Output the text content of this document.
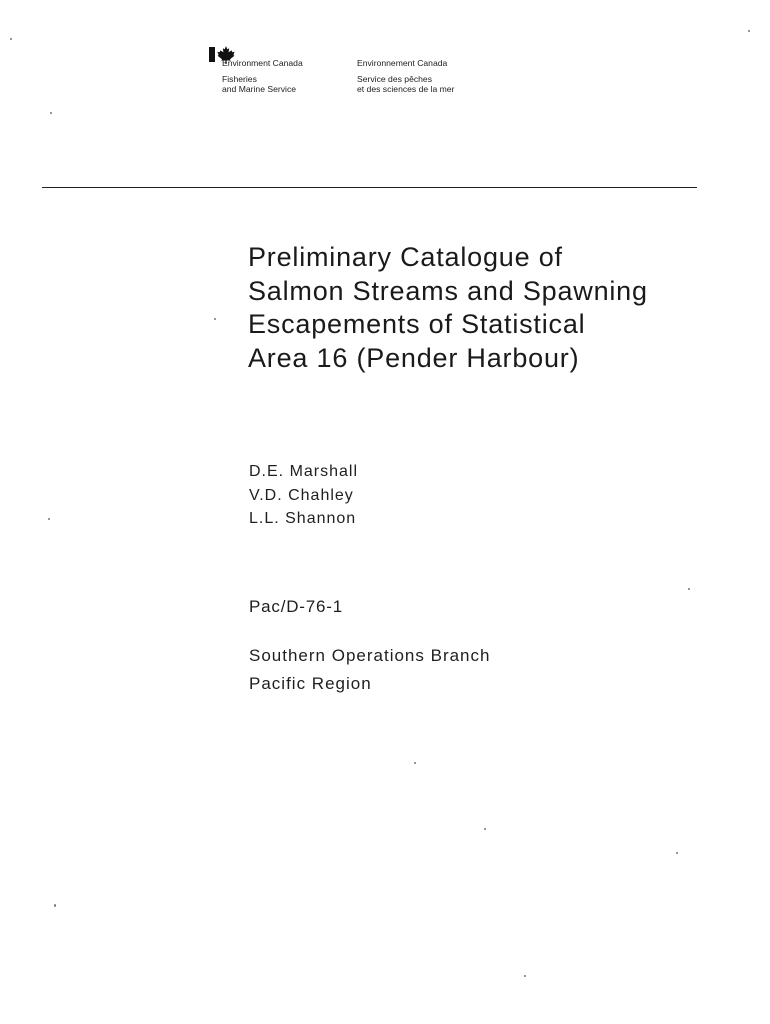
Environment Canada
Fisheries
and Marine Service
Environnement Canada
Service des pêches
et des sciences de la mer
Preliminary Catalogue of
Salmon Streams and Spawning
Escapements of Statistical
Area 16 (Pender Harbour)
D.E. Marshall
V.D. Chahley
L.L. Shannon
Pac/D-76-1
Southern Operations Branch
Pacific Region
